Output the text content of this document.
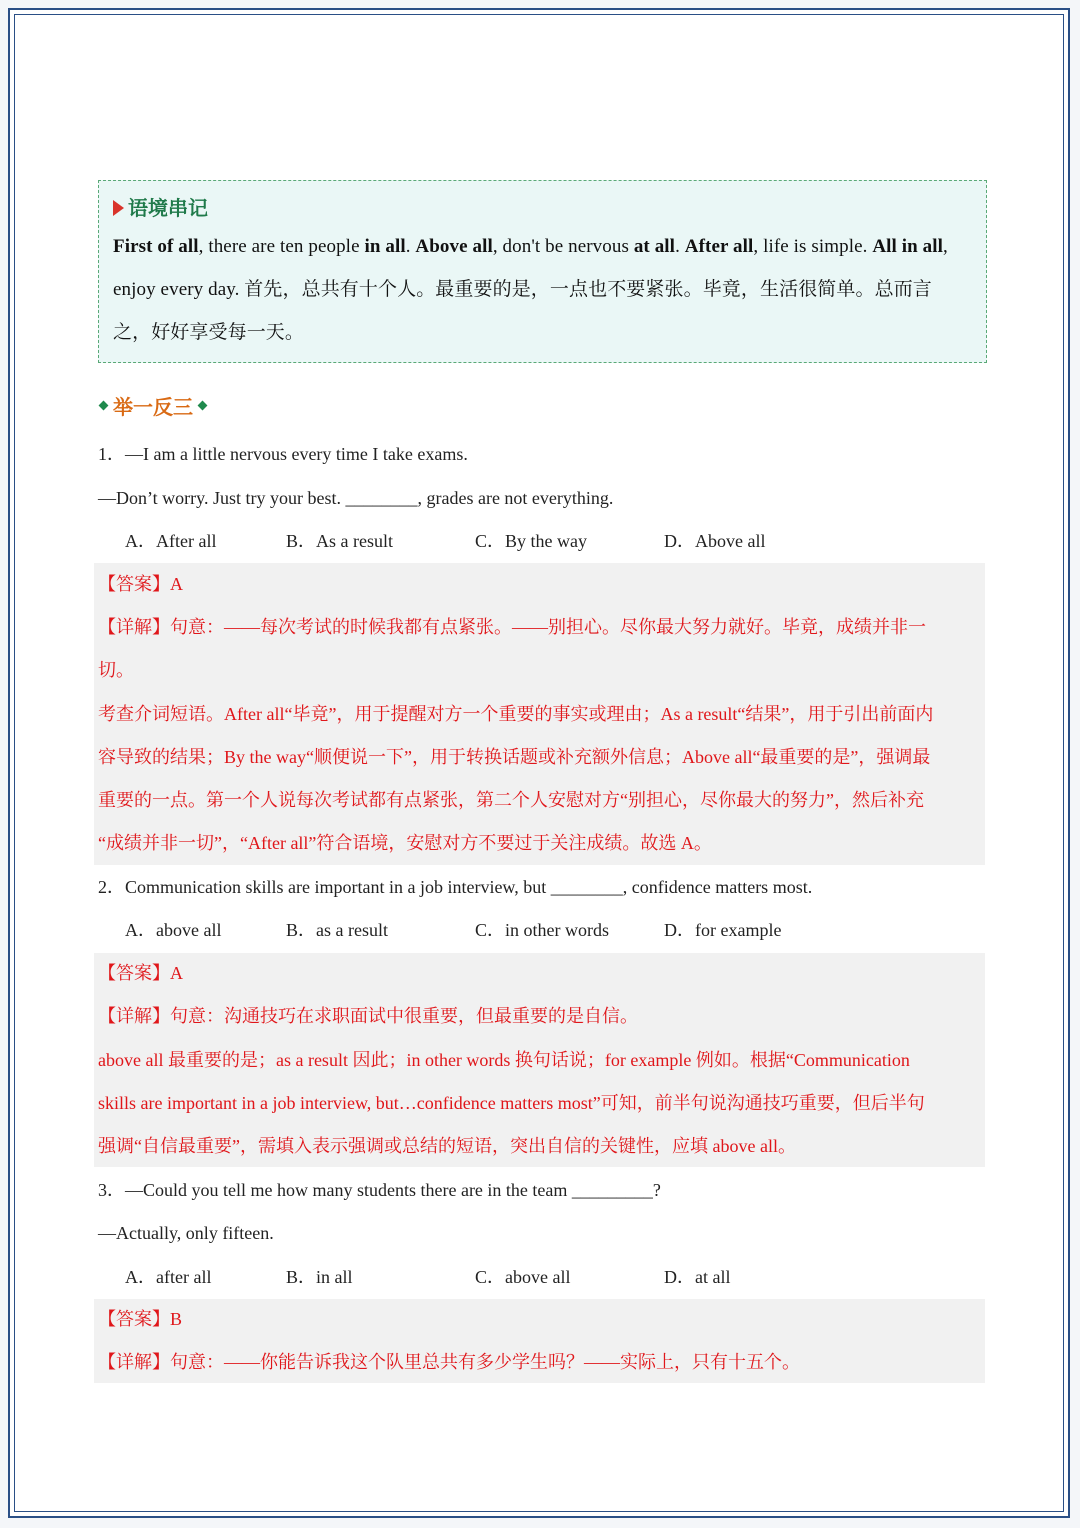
语境串记
First of all, there are ten people in all. Above all, don't be nervous at all. After all, life is simple. All in all,
enjoy every day. 首先，总共有十个人。最重要的是，一点也不要紧张。毕竟，生活很简单。总而言
之，好好享受每一天。
举一反三
1．—I am a little nervous every time I take exams.
—Don’t worry. Just try your best. ________, grades are not everything.
A．After all	B．As a result	C．By the way	D．Above all
【答案】A
【详解】句意：——每次考试的时候我都有点紧张。——别担心。尽你最大努力就好。毕竟，成绩并非一
切。
考查介词短语。After all“毕竟”，用于提醒对方一个重要的事实或理由；As a result“结果”，用于引出前面内
容导致的结果；By the way“顺便说一下”，用于转换话题或补充额外信息；Above all“最重要的是”，强调最
重要的一点。第一个人说每次考试都有点紧张，第二个人安慰对方“别担心，尽你最大的努力”，然后补充
“成绩并非一切”，“After all”符合语境，安慰对方不要过于关注成绩。故选 A。
2．Communication skills are important in a job interview, but ________, confidence matters most.
A．above all	B．as a result	C．in other words	D．for example
【答案】A
【详解】句意：沟通技巧在求职面试中很重要，但最重要的是自信。
above all 最重要的是；as a result 因此；in other words 换句话说；for example 例如。根据“Communication
skills are important in a job interview, but…confidence matters most”可知，前半句说沟通技巧重要，但后半句
强调“自信最重要”，需填入表示强调或总结的短语，突出自信的关键性，应填 above all。
3．—Could you tell me how many students there are in the team _________?
—Actually, only fifteen.
A．after all	B．in all	C．above all	D．at all
【答案】B
【详解】句意：——你能告诉我这个队里总共有多少学生吗？——实际上，只有十五个。
